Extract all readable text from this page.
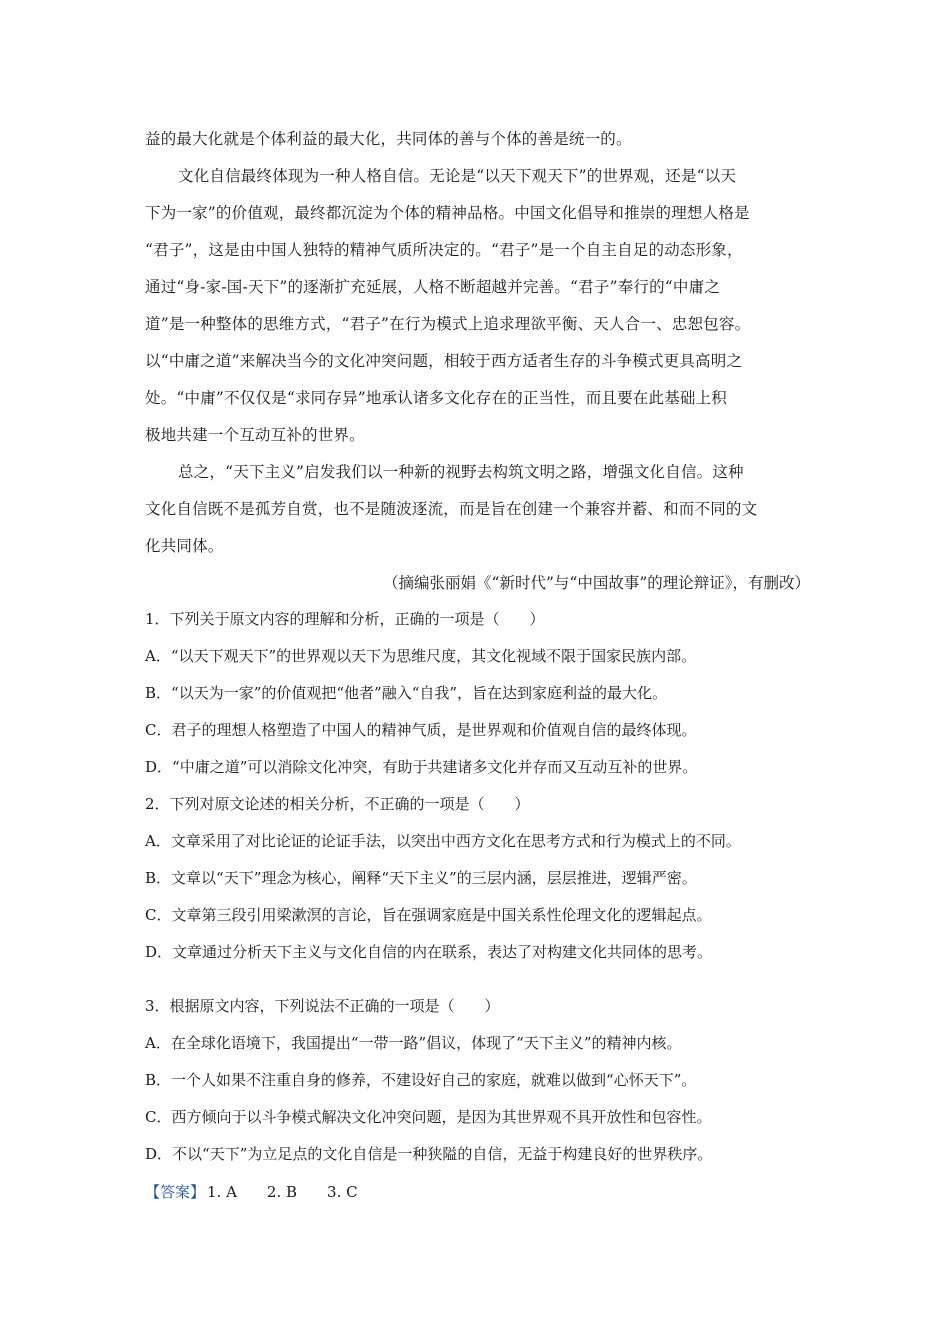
益的最大化就是个体利益的最大化，共同体的善与个体的善是统一的。
文化自信最终体现为一种人格自信。无论是“以天下观天下”的世界观，还是“以天
下为一家”的价值观，最终都沉淀为个体的精神品格。中国文化倡导和推崇的理想人格是
“君子”，这是由中国人独特的精神气质所决定的。“君子”是一个自主自足的动态形象，
通过“身-家-国-天下”的逐渐扩充延展，人格不断超越并完善。“君子”奉行的“中庸之
道”是一种整体的思维方式，“君子”在行为模式上追求理欲平衡、天人合一、忠恕包容。
以“中庸之道”来解决当今的文化冲突问题，相较于西方适者生存的斗争模式更具高明之
处。“中庸”不仅仅是“求同存异”地承认诸多文化存在的正当性，而且要在此基础上积
极地共建一个互动互补的世界。
总之，“天下主义”启发我们以一种新的视野去构筑文明之路，增强文化自信。这种
文化自信既不是孤芳自赏，也不是随波逐流，而是旨在创建一个兼容并蓄、和而不同的文
化共同体。
（摘编张丽娟《“新时代”与“中国故事”的理论辩证》，有删改）
1．下列关于原文内容的理解和分析，正确的一项是（　　）
A．“以天下观天下”的世界观以天下为思维尺度，其文化视域不限于国家民族内部。
B．“以天为一家”的价值观把“他者”融入“自我”，旨在达到家庭利益的最大化。
C．君子的理想人格塑造了中国人的精神气质，是世界观和价值观自信的最终体现。
D．“中庸之道”可以消除文化冲突，有助于共建诸多文化并存而又互动互补的世界。
2．下列对原文论述的相关分析，不正确的一项是（　　）
A．文章采用了对比论证的论证手法，以突出中西方文化在思考方式和行为模式上的不同。
B．文章以“天下”理念为核心，阐释“天下主义”的三层内涵，层层推进，逻辑严密。
C．文章第三段引用梁漱溟的言论，旨在强调家庭是中国关系性伦理文化的逻辑起点。
D．文章通过分析天下主义与文化自信的内在联系，表达了对构建文化共同体的思考。
3．根据原文内容，下列说法不正确的一项是（　　）
A．在全球化语境下，我国提出“一带一路”倡议，体现了“天下主义”的精神内核。
B．一个人如果不注重自身的修养，不建设好自己的家庭，就难以做到“心怀天下”。
C．西方倾向于以斗争模式解决文化冲突问题，是因为其世界观不具开放性和包容性。
D．不以“天下”为立足点的文化自信是一种狭隘的自信，无益于构建良好的世界秩序。
【答案】 1. A　　2. B　　3. C
